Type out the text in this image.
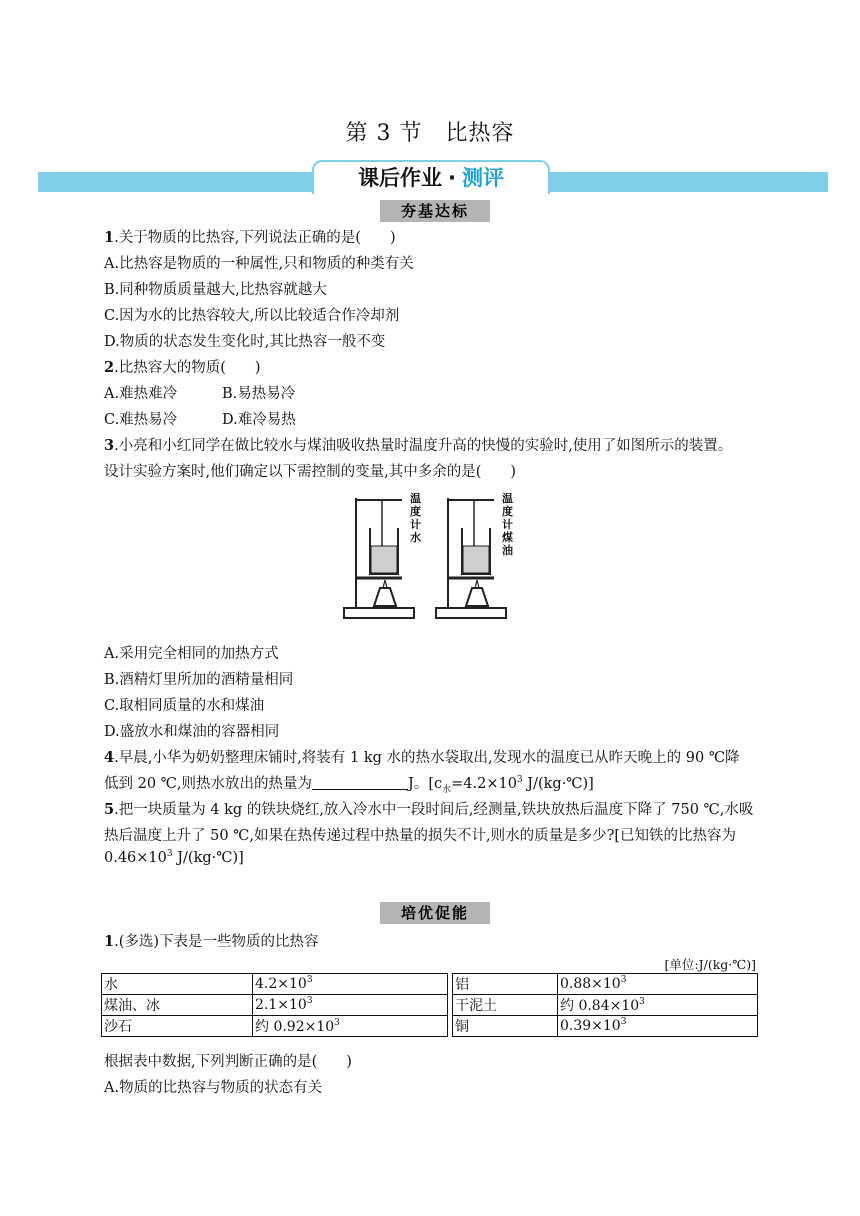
第 3 节　比热容
课后作业 · 测评
夯基达标
1.关于物质的比热容,下列说法正确的是(　　)
A.比热容是物质的一种属性,只和物质的种类有关
B.同种物质质量越大,比热容就越大
C.因为水的比热容较大,所以比较适合作冷却剂
D.物质的状态发生变化时,其比热容一般不变
2.比热容大的物质(　　)
A.难热难冷	B.易热易冷
C.难热易冷	D.难冷易热
3.小亮和小红同学在做比较水与煤油吸收热量时温度升高的快慢的实验时,使用了如图所示的装置。
设计实验方案时,他们确定以下需控制的变量,其中多余的是(　　)
温
度
计
水
温
度
计
煤
油
A.采用完全相同的加热方式
B.酒精灯里所加的酒精量相同
C.取相同质量的水和煤油
D.盛放水和煤油的容器相同
4.早晨,小华为奶奶整理床铺时,将装有 1 kg 水的热水袋取出,发现水的温度已从昨天晚上的 90 ℃降
低到 20 ℃,则热水放出的热量为	J。[$c_水=4.2\times 10^3$ J/(kg·℃)]
5.把一块质量为 4 kg 的铁块烧红,放入冷水中一段时间后,经测量,铁块放热后温度下降了 750 ℃,水吸
热后温度上升了 50 ℃,如果在热传递过程中热量的损失不计,则水的质量是多少?[已知铁的比热容为
$0.46\times 10^3$ J/(kg·℃)]
培优促能
1.(多选)下表是一些物质的比热容
[单位:J/(kg·℃)]
水	$4.2\times 10^3$		铝	$0.88\times 10^3$
煤油、冰	$2.1\times 10^3$		干泥土	约 $0.84\times 10^3$
沙石	约 $0.92\times 10^3$		铜	$0.39\times 10^3$
根据表中数据,下列判断正确的是(　　)
A.物质的比热容与物质的状态有关
